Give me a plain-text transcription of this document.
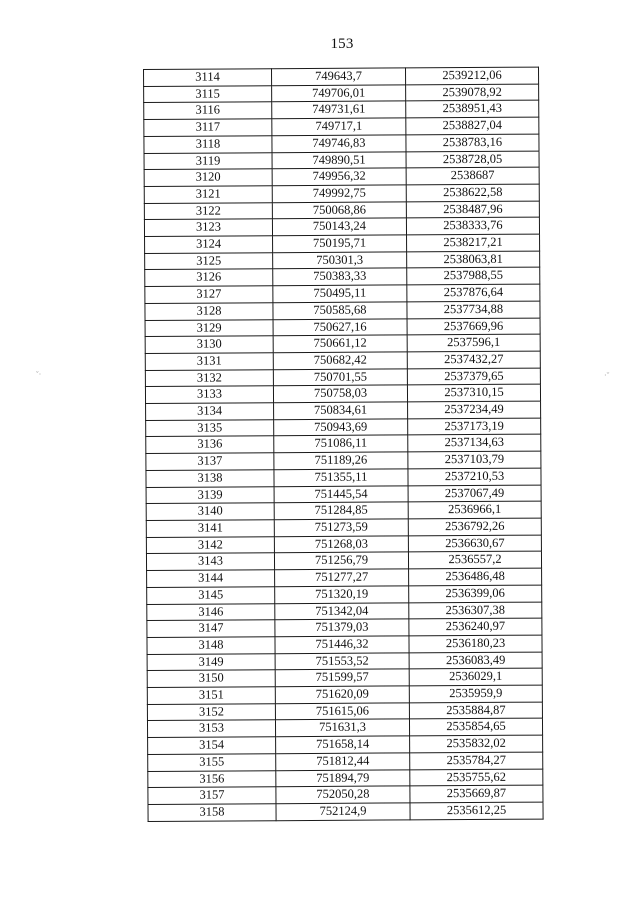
153
3114	749643,7	2539212,06
3115	749706,01	2539078,92
3116	749731,61	2538951,43
3117	749717,1	2538827,04
3118	749746,83	2538783,16
3119	749890,51	2538728,05
3120	749956,32	2538687
3121	749992,75	2538622,58
3122	750068,86	2538487,96
3123	750143,24	2538333,76
3124	750195,71	2538217,21
3125	750301,3	2538063,81
3126	750383,33	2537988,55
3127	750495,11	2537876,64
3128	750585,68	2537734,88
3129	750627,16	2537669,96
3130	750661,12	2537596,1
3131	750682,42	2537432,27
3132	750701,55	2537379,65
3133	750758,03	2537310,15
3134	750834,61	2537234,49
3135	750943,69	2537173,19
3136	751086,11	2537134,63
3137	751189,26	2537103,79
3138	751355,11	2537210,53
3139	751445,54	2537067,49
3140	751284,85	2536966,1
3141	751273,59	2536792,26
3142	751268,03	2536630,67
3143	751256,79	2536557,2
3144	751277,27	2536486,48
3145	751320,19	2536399,06
3146	751342,04	2536307,38
3147	751379,03	2536240,97
3148	751446,32	2536180,23
3149	751553,52	2536083,49
3150	751599,57	2536029,1
3151	751620,09	2535959,9
3152	751615,06	2535884,87
3153	751631,3	2535854,65
3154	751658,14	2535832,02
3155	751812,44	2535784,27
3156	751894,79	2535755,62
3157	752050,28	2535669,87
3158	752124,9	2535612,25
ˇ·	·ˇ
